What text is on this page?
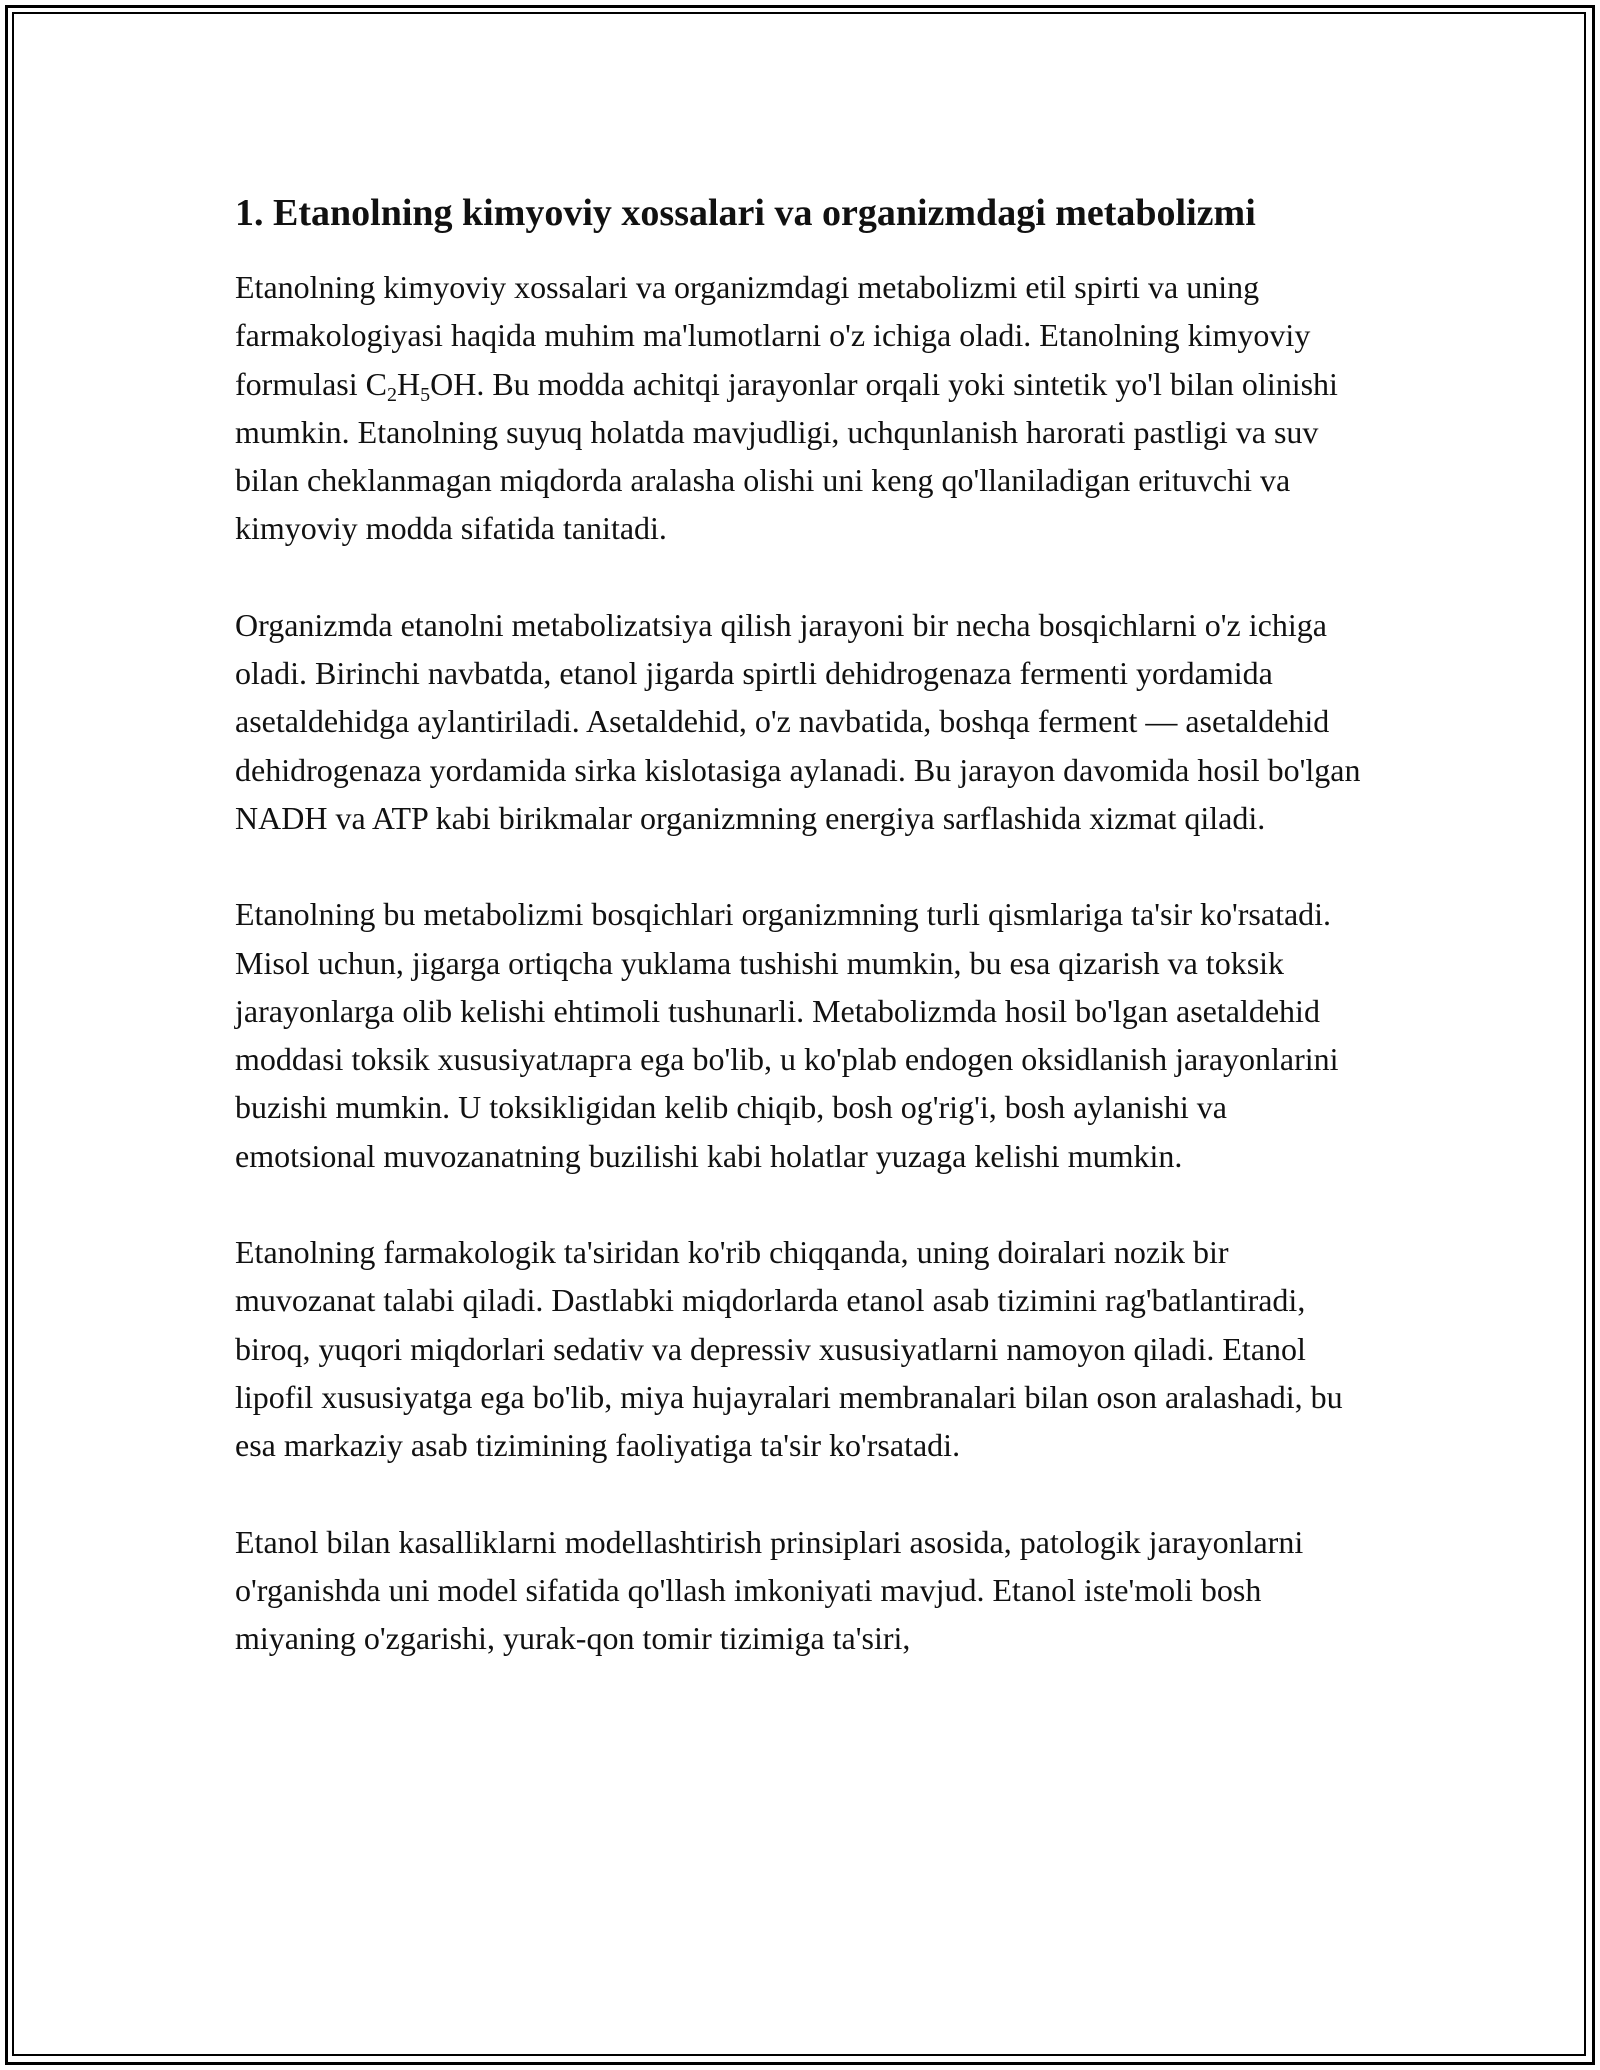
1. Etanolning kimyoviy xossalari va organizmdagi metabolizmi

Etanolning kimyoviy xossalari va organizmdagi metabolizmi etil spirti va uning farmakologiyasi haqida muhim ma'lumotlarni o'z ichiga oladi. Etanolning kimyoviy formulasi $C_2H_5OH$. Bu modda achitqi jarayonlar orqali yoki sintetik yo'l bilan olinishi mumkin. Etanolning suyuq holatda mavjudligi, uchqunlanish harorati pastligi va suv bilan cheklanmagan miqdorda aralasha olishi uni keng qo'llaniladigan erituvchi va kimyoviy modda sifatida tanitadi.

Organizmda etanolni metabolizatsiya qilish jarayoni bir necha bosqichlarni o'z ichiga oladi. Birinchi navbatda, etanol jigarda spirtli dehidrogenaza fermenti yordamida asetaldehidga aylantiriladi. Asetaldehid, o'z navbatida, boshqa ferment — asetaldehid dehidrogenaza yordamida sirka kislotasiga aylanadi. Bu jarayon davomida hosil bo'lgan NADH va ATP kabi birikmalar organizmning energiya sarflashida xizmat qiladi.

Etanolning bu metabolizmi bosqichlari organizmning turli qismlariga ta'sir ko'rsatadi. Misol uchun, jigarga ortiqcha yuklama tushishi mumkin, bu esa qizarish va toksik jarayonlarga olib kelishi ehtimoli tushunarli. Metabolizmda hosil bo'lgan asetaldehid moddasi toksik xususiyatларга ega bo'lib, u ko'plab endogen oksidlanish jarayonlarini buzishi mumkin. U toksikligidan kelib chiqib, bosh og'rig'i, bosh aylanishi va emotsional muvozanatning buzilishi kabi holatlar yuzaga kelishi mumkin.

Etanolning farmakologik ta'siridan ko'rib chiqqanda, uning doiralari nozik bir muvozanat talabi qiladi. Dastlabki miqdorlarda etanol asab tizimini rag'batlantiradi, biroq, yuqori miqdorlari sedativ va depressiv xususiyatlarni namoyon qiladi. Etanol lipofil xususiyatga ega bo'lib, miya hujayralari membranalari bilan oson aralashadi, bu esa markaziy asab tizimining faoliyatiga ta'sir ko'rsatadi.

Etanol bilan kasalliklarni modellashtirish prinsiplari asosida, patologik jarayonlarni o'rganishda uni model sifatida qo'llash imkoniyati mavjud. Etanol iste'moli bosh miyaning o'zgarishi, yurak-qon tomir tizimiga ta'siri,
